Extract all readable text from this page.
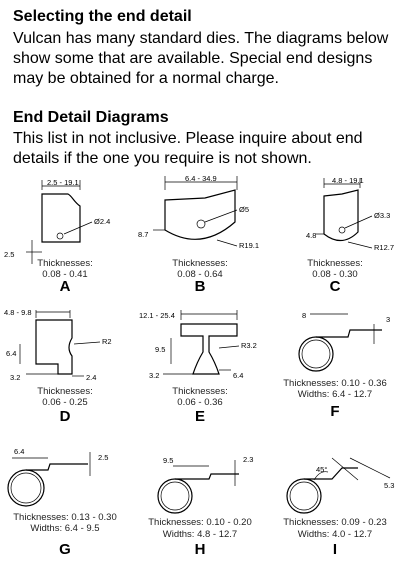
Selecting the end detail
Vulcan has many standard dies. The diagrams below show some that are available. Special end designs may be obtained for a normal charge.
End Detail Diagrams
This list in not inclusive. Please inquire about end details if the one you require is not shown.
2.5 - 19.1
Ø2.4
2.5
Thicknesses:
0.08 - 0.41
A
6.4 - 34.9
Ø5
8.7
R19.1
Thicknesses:
0.08 - 0.64
B
4.8 - 19.1
Ø3.3
4.8
R12.7
Thicknesses:
0.08 - 0.30
C
4.8 - 9.8
R2
6.4
3.2	2.4
Thicknesses:
0.06 - 0.25
D
12.1 - 25.4
R3.2
9.5
3.2	6.4
Thicknesses:
0.06 - 0.36
E
8	3
Thicknesses: 0.10 - 0.36
Widths: 6.4 - 12.7
F
6.4
2.5
Thicknesses: 0.13 - 0.30
Widths: 6.4 - 9.5
G
9.5	2.3
Thicknesses: 0.10 - 0.20
Widths: 4.8 - 12.7
H
45°
5.3
Thicknesses: 0.09 - 0.23
Widths: 4.0 - 12.7
I
